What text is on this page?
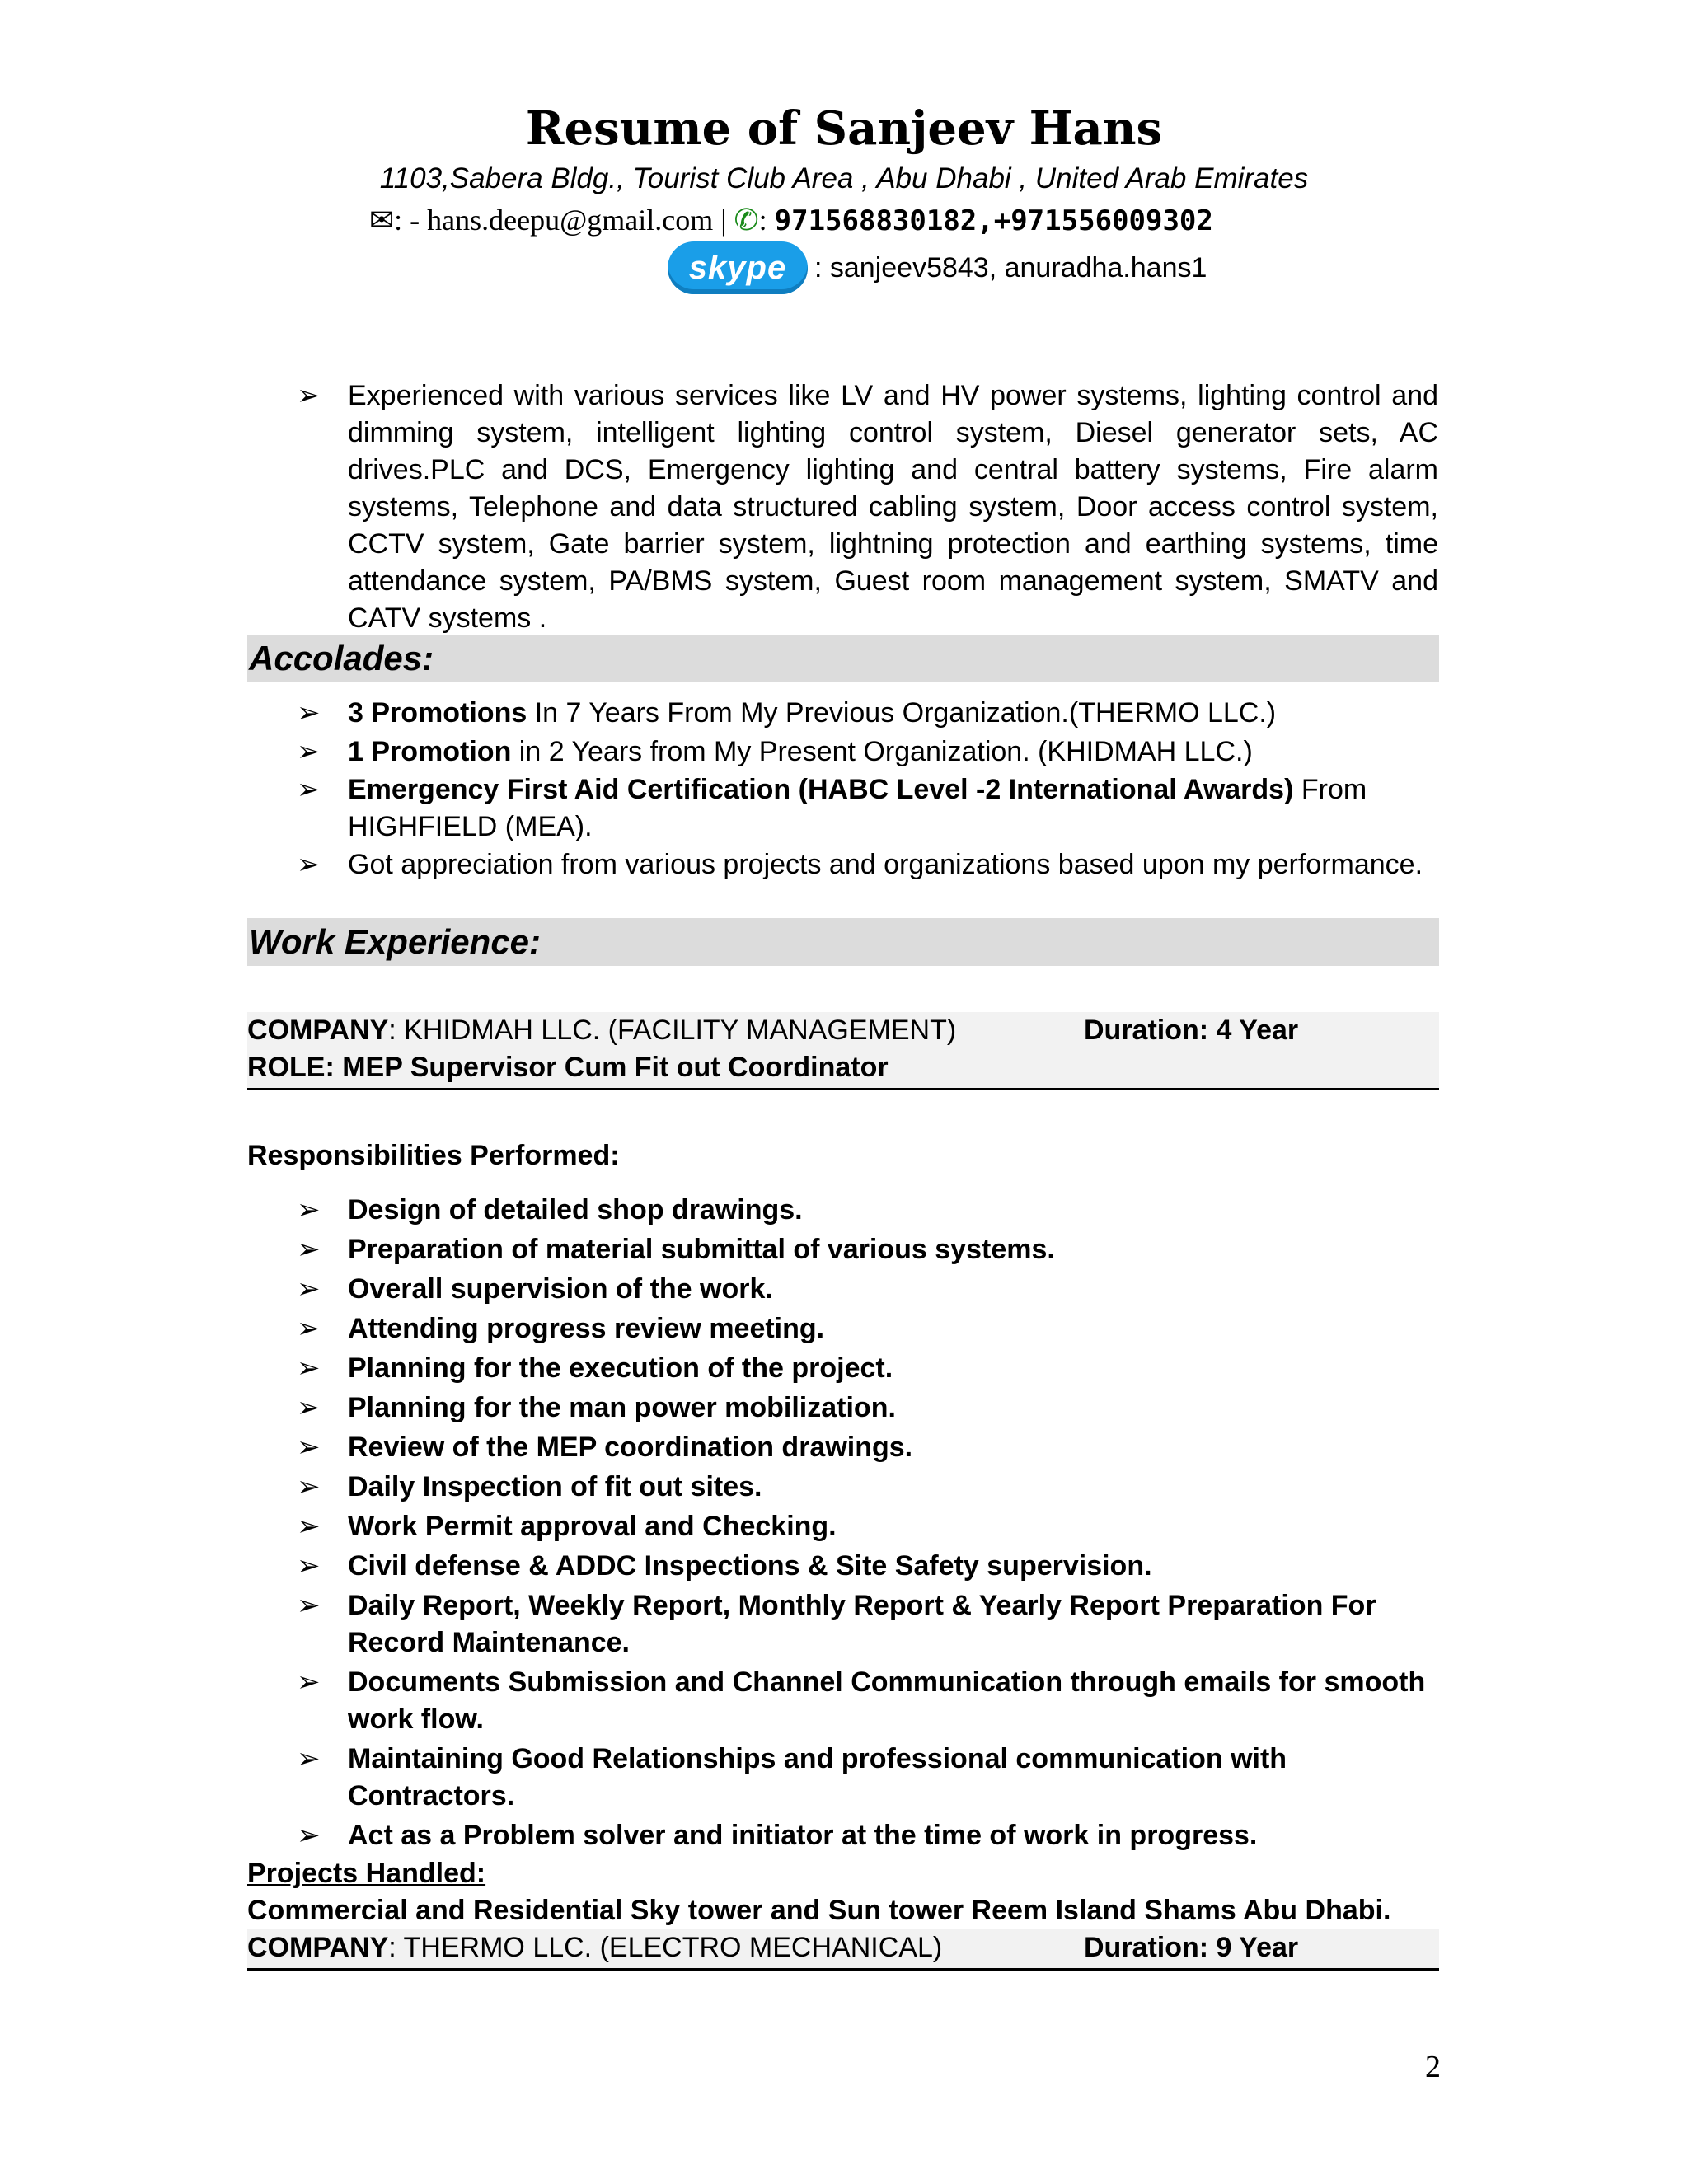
Resume of Sanjeev Hans
1103,Sabera Bldg., Tourist Club Area , Abu Dhabi , United Arab Emirates
✉: - hans.deepu@gmail.com | ✆: 971568830182,+971556009302
skype : sanjeev5843, anuradha.hans1
➢ Experienced with various services like LV and HV power systems, lighting control and dimming system, intelligent lighting control system, Diesel generator sets, AC drives.PLC and DCS, Emergency lighting and central battery systems, Fire alarm systems, Telephone and data structured cabling system, Door access control system, CCTV system, Gate barrier system, lightning protection and earthing systems, time attendance system, PA/BMS system, Guest room management system, SMATV and CATV systems .
Accolades:
➢ 3 Promotions In 7 Years From My Previous Organization.(THERMO LLC.)
➢ 1 Promotion in 2 Years from My Present Organization. (KHIDMAH LLC.)
➢ Emergency First Aid Certification (HABC Level -2 International Awards) From HIGHFIELD (MEA).
➢ Got appreciation from various projects and organizations based upon my performance.
Work Experience:
COMPANY: KHIDMAH LLC. (FACILITY MANAGEMENT)	Duration: 4 Year
ROLE: MEP Supervisor Cum Fit out Coordinator
Responsibilities Performed:
➢ Design of detailed shop drawings.
➢ Preparation of material submittal of various systems.
➢ Overall supervision of the work.
➢ Attending progress review meeting.
➢ Planning for the execution of the project.
➢ Planning for the man power mobilization.
➢ Review of the MEP coordination drawings.
➢ Daily Inspection of fit out sites.
➢ Work Permit approval and Checking.
➢ Civil defense & ADDC Inspections & Site Safety supervision.
➢ Daily Report, Weekly Report, Monthly Report & Yearly Report Preparation For Record Maintenance.
➢ Documents Submission and Channel Communication through emails for smooth work flow.
➢ Maintaining Good Relationships and professional communication with Contractors.
➢ Act as a Problem solver and initiator at the time of work in progress.
Projects Handled:
Commercial and Residential Sky tower and Sun tower Reem Island Shams Abu Dhabi.
COMPANY: THERMO LLC. (ELECTRO MECHANICAL)	Duration: 9 Year
2
